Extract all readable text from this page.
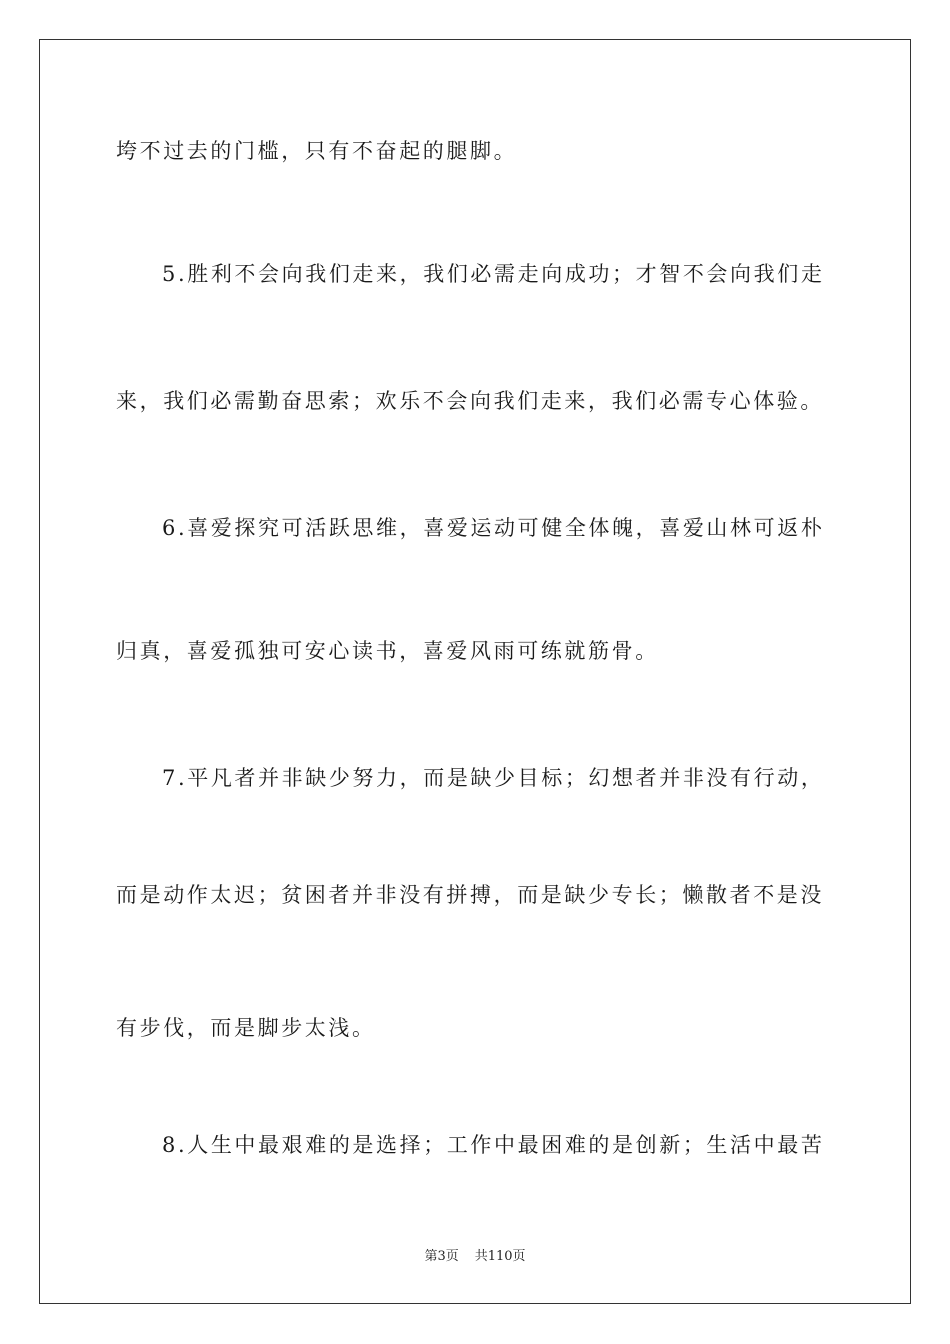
垮不过去的门槛，只有不奋起的腿脚。
5.胜利不会向我们走来，我们必需走向成功；才智不会向我们走
来，我们必需勤奋思索；欢乐不会向我们走来，我们必需专心体验。
6.喜爱探究可活跃思维，喜爱运动可健全体魄，喜爱山林可返朴
归真，喜爱孤独可安心读书，喜爱风雨可练就筋骨。
7.平凡者并非缺少努力，而是缺少目标；幻想者并非没有行动，
而是动作太迟；贫困者并非没有拼搏，而是缺少专长；懒散者不是没
有步伐，而是脚步太浅。
8.人生中最艰难的是选择；工作中最困难的是创新；生活中最苦
第3页 共110页
